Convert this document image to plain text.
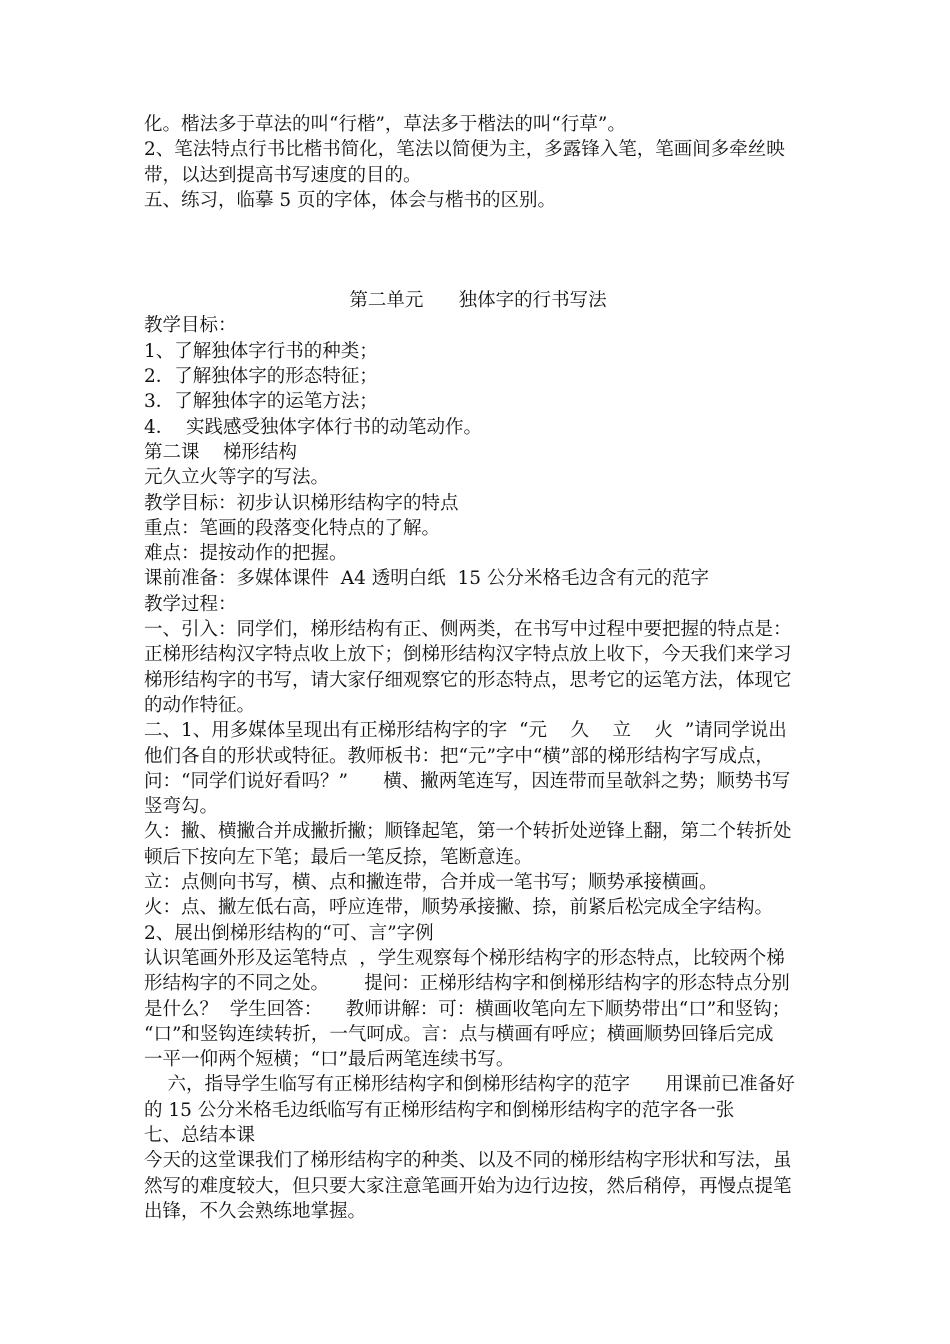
化。楷法多于草法的叫“行楷”，草法多于楷法的叫“行草”。
2、笔法特点行书比楷书简化，笔法以简便为主，多露锋入笔，笔画间多牵丝映
带，以达到提高书写速度的目的。
五、练习，临摹 5 页的字体，体会与楷书的区别。
第二单元      独体字的行书写法
教学目标：
1、了解独体字行书的种类；
2．了解独体字的形态特征；
3．了解独体字的运笔方法；
4．  实践感受独体字体行书的动笔动作。
第二课    梯形结构
元久立火等字的写法。
教学目标：初步认识梯形结构字的特点
重点：笔画的段落变化特点的了解。
难点：提按动作的把握。
课前准备：多媒体课件  A4 透明白纸  15 公分米格毛边含有元的范字
教学过程：
一、引入：同学们，梯形结构有正、侧两类，在书写中过程中要把握的特点是：
正梯形结构汉字特点收上放下；倒梯形结构汉字特点放上收下，今天我们来学习
梯形结构字的书写，请大家仔细观察它的形态特点，思考它的运笔方法，体现它
的动作特征。
二、1、用多媒体呈现出有正梯形结构字的字  “元    久    立    火  ”请同学说出
他们各自的形状或特征。教师板书：把“元”字中“横”部的梯形结构字写成点，
问：“同学们说好看吗？”      横、撇两笔连写，因连带而呈欹斜之势；顺势书写
竖弯勾。
久：撇、横撇合并成撇折撇；顺锋起笔，第一个转折处逆锋上翻，第二个转折处
顿后下按向左下笔；最后一笔反捺，笔断意连。
立：点侧向书写，横、点和撇连带，合并成一笔书写；顺势承接横画。
火：点、撇左低右高，呼应连带，顺势承接撇、捺，前紧后松完成全字结构。
2、展出倒梯形结构的“可、言”字例
认识笔画外形及运笔特点  ，学生观察每个梯形结构字的形态特点，比较两个梯
形结构字的不同之处。      提问：正梯形结构字和倒梯形结构字的形态特点分别
是什么？  学生回答：    教师讲解：可：横画收笔向左下顺势带出“口”和竖钩；
“口”和竖钩连续转折，一气呵成。言：点与横画有呼应；横画顺势回锋后完成
一平一仰两个短横；“口”最后两笔连续书写。
六，指导学生临写有正梯形结构字和倒梯形结构字的范字      用课前已准备好
的 15 公分米格毛边纸临写有正梯形结构字和倒梯形结构字的范字各一张
七、总结本课
今天的这堂课我们了梯形结构字的种类、以及不同的梯形结构字形状和写法，虽
然写的难度较大，但只要大家注意笔画开始为边行边按，然后稍停，再慢点提笔
出锋，不久会熟练地掌握。
